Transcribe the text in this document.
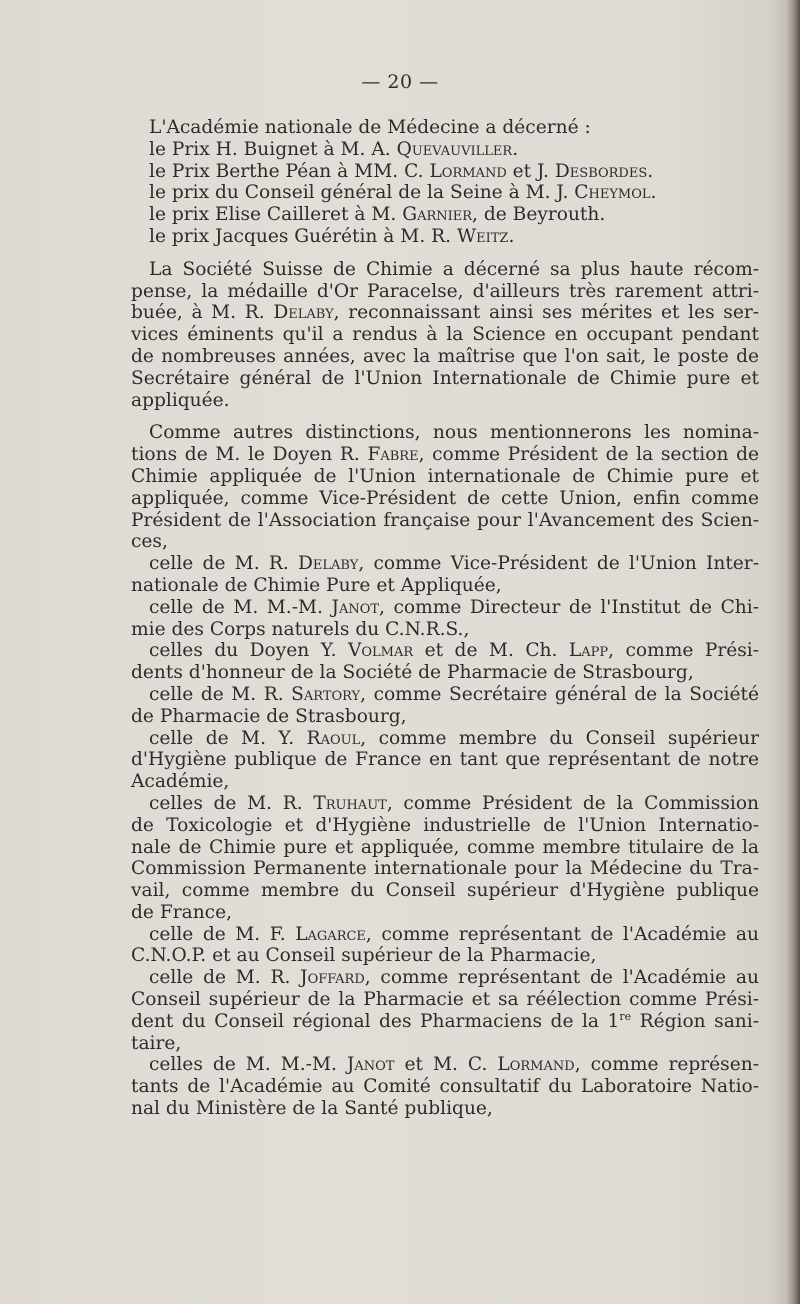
— 20 —
L'Académie nationale de Médecine a décerné :
le Prix H. Buignet à M. A. Quevauviller.
le Prix Berthe Péan à MM. C. Lormand et J. Desbordes.
le prix du Conseil général de la Seine à M. J. Cheymol.
le prix Elise Cailleret à M. Garnier, de Beyrouth.
le prix Jacques Guérétin à M. R. Weitz.
La Société Suisse de Chimie a décerné sa plus haute récom-
pense, la médaille d'Or Paracelse, d'ailleurs très rarement attri-
buée, à M. R. Delaby, reconnaissant ainsi ses mérites et les ser-
vices éminents qu'il a rendus à la Science en occupant pendant
de nombreuses années, avec la maîtrise que l'on sait, le poste de
Secrétaire général de l'Union Internationale de Chimie pure et
appliquée.
Comme autres distinctions, nous mentionnerons les nomina-
tions de M. le Doyen R. Fabre, comme Président de la section de
Chimie appliquée de l'Union internationale de Chimie pure et
appliquée, comme Vice-Président de cette Union, enfin comme
Président de l'Association française pour l'Avancement des Scien-
ces,
celle de M. R. Delaby, comme Vice-Président de l'Union Inter-
nationale de Chimie Pure et Appliquée,
celle de M. M.-M. Janot, comme Directeur de l'Institut de Chi-
mie des Corps naturels du C.N.R.S.,
celles du Doyen Y. Volmar et de M. Ch. Lapp, comme Prési-
dents d'honneur de la Société de Pharmacie de Strasbourg,
celle de M. R. Sartory, comme Secrétaire général de la Société
de Pharmacie de Strasbourg,
celle de M. Y. Raoul, comme membre du Conseil supérieur
d'Hygiène publique de France en tant que représentant de notre
Académie,
celles de M. R. Truhaut, comme Président de la Commission
de Toxicologie et d'Hygiène industrielle de l'Union Internatio-
nale de Chimie pure et appliquée, comme membre titulaire de la
Commission Permanente internationale pour la Médecine du Tra-
vail, comme membre du Conseil supérieur d'Hygiène publique
de France,
celle de M. F. Lagarce, comme représentant de l'Académie au
C.N.O.P. et au Conseil supérieur de la Pharmacie,
celle de M. R. Joffard, comme représentant de l'Académie au
Conseil supérieur de la Pharmacie et sa réélection comme Prési-
dent du Conseil régional des Pharmaciens de la 1re Région sani-
taire,
celles de M. M.-M. Janot et M. C. Lormand, comme représen-
tants de l'Académie au Comité consultatif du Laboratoire Natio-
nal du Ministère de la Santé publique,
